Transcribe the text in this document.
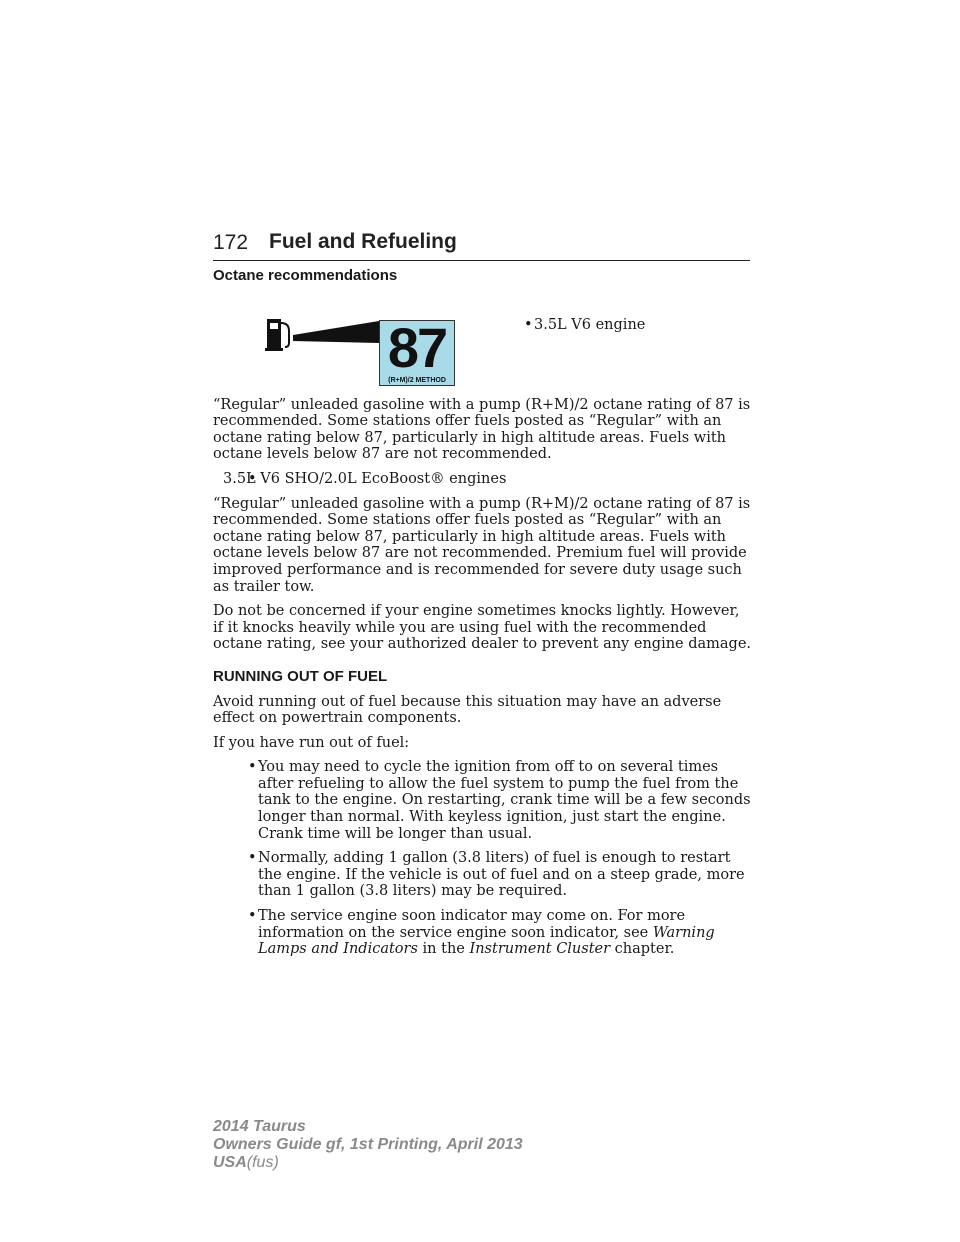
172 Fuel and Refueling

Octane recommendations

87
(R+M)/2 METHOD
• 3.5L V6 engine

“Regular” unleaded gasoline with a pump (R+M)/2 octane rating of 87 is recommended. Some stations offer fuels posted as “Regular” with an octane rating below 87, particularly in high altitude areas. Fuels with octane levels below 87 are not recommended.

• 3.5L V6 SHO/2.0L EcoBoost® engines

“Regular” unleaded gasoline with a pump (R+M)/2 octane rating of 87 is recommended. Some stations offer fuels posted as “Regular” with an octane rating below 87, particularly in high altitude areas. Fuels with octane levels below 87 are not recommended. Premium fuel will provide improved performance and is recommended for severe duty usage such as trailer tow.

Do not be concerned if your engine sometimes knocks lightly. However, if it knocks heavily while you are using fuel with the recommended octane rating, see your authorized dealer to prevent any engine damage.

RUNNING OUT OF FUEL

Avoid running out of fuel because this situation may have an adverse effect on powertrain components.

If you have run out of fuel:

• You may need to cycle the ignition from off to on several times after refueling to allow the fuel system to pump the fuel from the tank to the engine. On restarting, crank time will be a few seconds longer than normal. With keyless ignition, just start the engine. Crank time will be longer than usual.

• Normally, adding 1 gallon (3.8 liters) of fuel is enough to restart the engine. If the vehicle is out of fuel and on a steep grade, more than 1 gallon (3.8 liters) may be required.

• The service engine soon indicator may come on. For more information on the service engine soon indicator, see Warning Lamps and Indicators in the Instrument Cluster chapter.

2014 Taurus
Owners Guide gf, 1st Printing, April 2013
USA(fus)
